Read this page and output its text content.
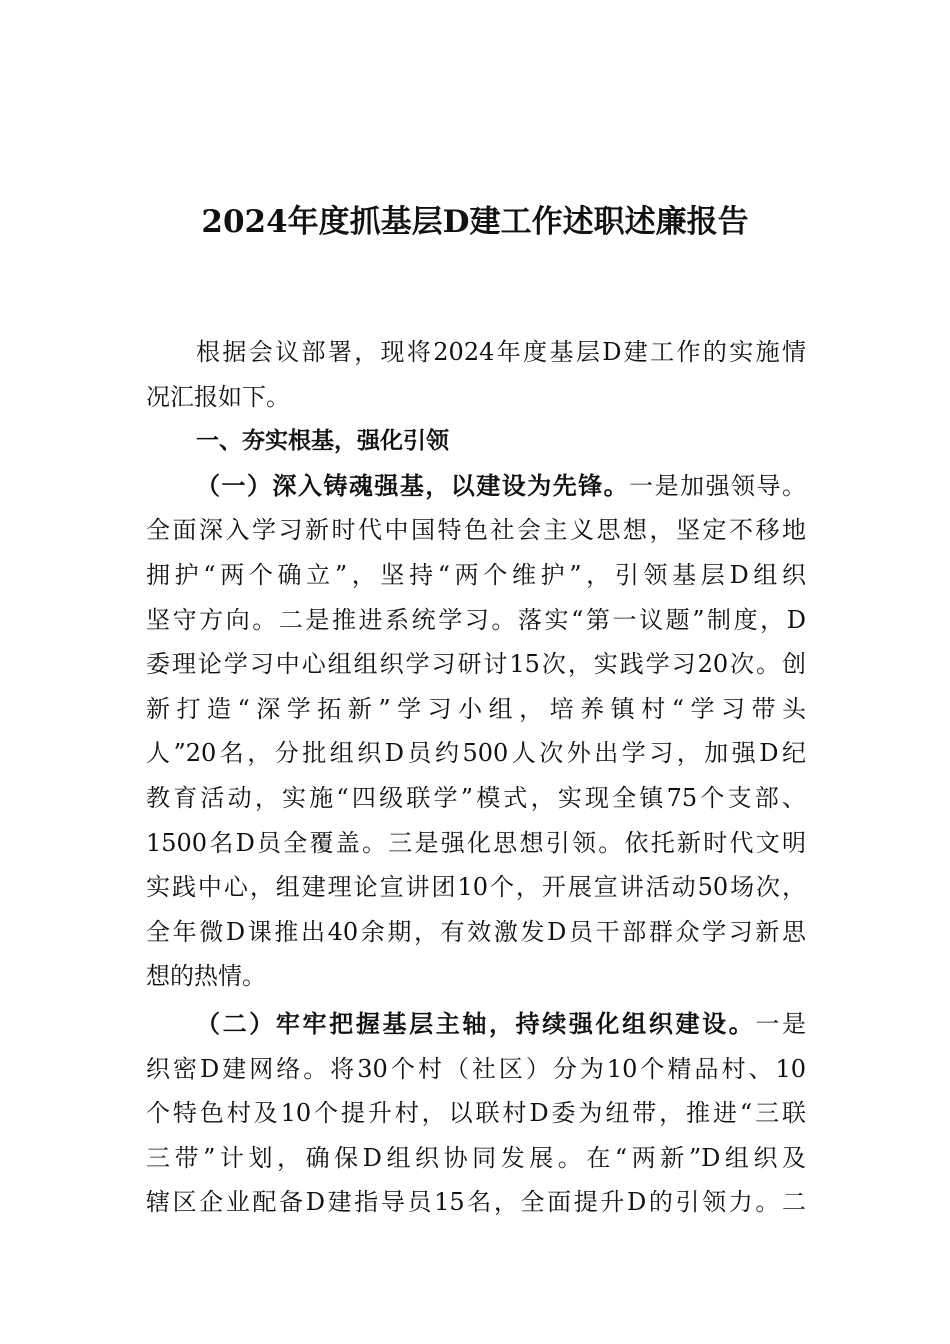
2024年度抓基层D建工作述职述廉报告
根据会议部署，现将2024年度基层D建工作的实施情
况汇报如下。
一、夯实根基，强化引领
（一）深入铸魂强基，以建设为先锋。一是加强领导。
全面深入学习新时代中国特色社会主义思想，坚定不移地
拥护“两个确立”，坚持“两个维护”，引领基层D组织
坚守方向。二是推进系统学习。落实“第一议题”制度，D
委理论学习中心组组织学习研讨15次，实践学习20次。创
新打造“深学拓新”学习小组，培养镇村“学习带头
人”20名，分批组织D员约500人次外出学习，加强D纪
教育活动，实施“四级联学”模式，实现全镇75个支部、
1500名D员全覆盖。三是强化思想引领。依托新时代文明
实践中心，组建理论宣讲团10个，开展宣讲活动50场次，
全年微D课推出40余期，有效激发D员干部群众学习新思
想的热情。
（二）牢牢把握基层主轴，持续强化组织建设。一是
织密D建网络。将30个村（社区）分为10个精品村、10
个特色村及10个提升村，以联村D委为纽带，推进“三联
三带”计划，确保D组织协同发展。在“两新”D组织及
辖区企业配备D建指导员15名，全面提升D的引领力。二
